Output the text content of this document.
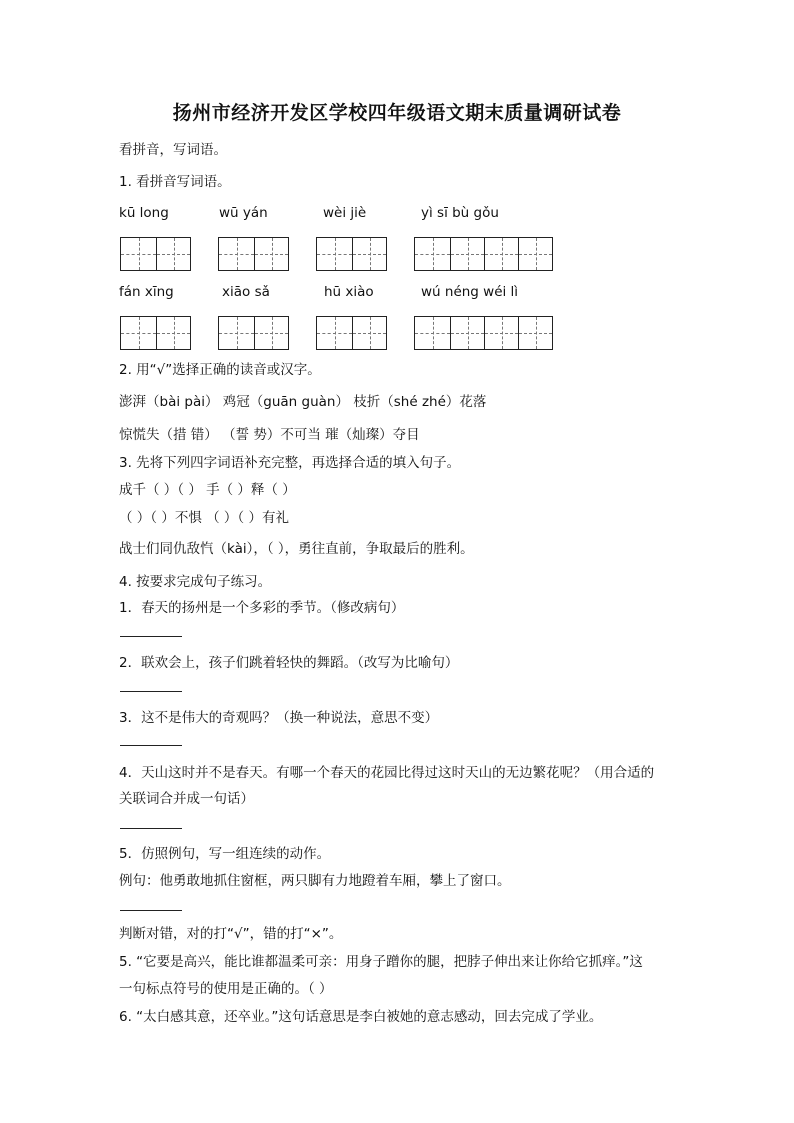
扬州市经济开发区学校四年级语文期末质量调研试卷
看拼音，写词语。
1. 看拼音写词语。
kū long	wū yán	wèi jiè	yì sī bù gǒu
fán xīng	xiāo sǎ	hū xiào	wú néng wéi lì
2. 用“√”选择正确的读音或汉字。
澎湃（bài pài） 鸡冠（guān guàn） 枝折（shé zhé）花落
惊慌失（措 错） （誓 势）不可当 璀（灿璨）夺目
3. 先将下列四字词语补充完整，再选择合适的填入句子。
成千（ ）（ ） 手（ ）释（ ）
（ ）（ ）不惧 （ ）（ ）有礼
战士们同仇敌忾（kài），（ ），勇往直前，争取最后的胜利。
4. 按要求完成句子练习。
1．春天的扬州是一个多彩的季节。（修改病句）
2．联欢会上，孩子们跳着轻快的舞蹈。（改写为比喻句）
3．这不是伟大的奇观吗？（换一种说法，意思不变）
4．天山这时并不是春天。有哪一个春天的花园比得过这时天山的无边繁花呢？（用合适的
关联词合并成一句话）
5．仿照例句，写一组连续的动作。
例句：他勇敢地抓住窗框，两只脚有力地蹬着车厢，攀上了窗口。
判断对错，对的打“√”，错的打“×”。
5. “它要是高兴，能比谁都温柔可亲：用身子蹭你的腿，把脖子伸出来让你给它抓痒。”这
一句标点符号的使用是正确的。（ ）
6. “太白感其意，还卒业。”这句话意思是李白被她的意志感动，回去完成了学业。
